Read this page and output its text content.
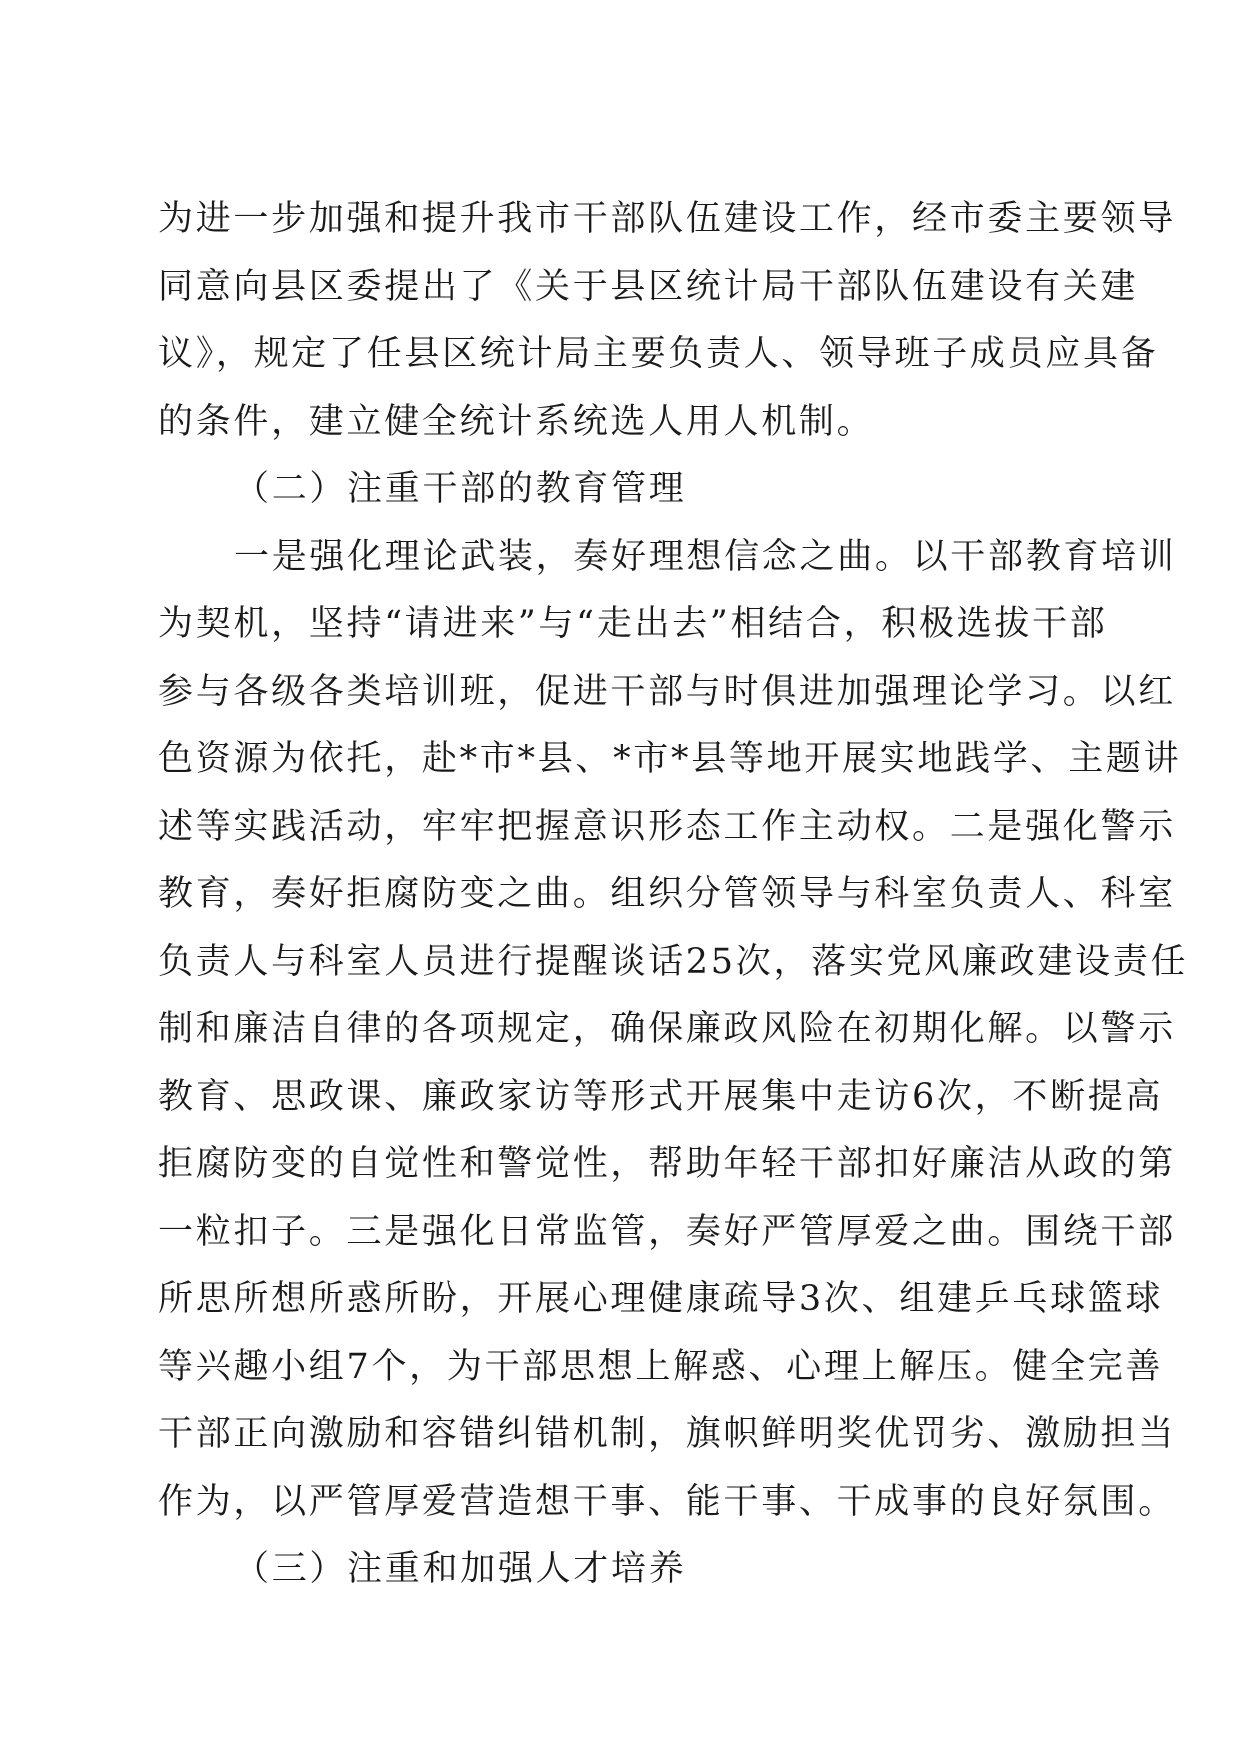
为进一步加强和提升我市干部队伍建设工作，经市委主要领导
同意向县区委提出了《关于县区统计局干部队伍建设有关建
议》，规定了任县区统计局主要负责人、领导班子成员应具备
的条件，建立健全统计系统选人用人机制。
（二）注重干部的教育管理
一是强化理论武装，奏好理想信念之曲。以干部教育培训
为契机，坚持“请进来”与“走出去”相结合，积极选拔干部
参与各级各类培训班，促进干部与时俱进加强理论学习。以红
色资源为依托，赴*市*县、*市*县等地开展实地践学、主题讲
述等实践活动，牢牢把握意识形态工作主动权。二是强化警示
教育，奏好拒腐防变之曲。组织分管领导与科室负责人、科室
负责人与科室人员进行提醒谈话25次，落实党风廉政建设责任
制和廉洁自律的各项规定，确保廉政风险在初期化解。以警示
教育、思政课、廉政家访等形式开展集中走访6次，不断提高
拒腐防变的自觉性和警觉性，帮助年轻干部扣好廉洁从政的第
一粒扣子。三是强化日常监管，奏好严管厚爱之曲。围绕干部
所思所想所惑所盼，开展心理健康疏导3次、组建乒乓球篮球
等兴趣小组7个，为干部思想上解惑、心理上解压。健全完善
干部正向激励和容错纠错机制，旗帜鲜明奖优罚劣、激励担当
作为，以严管厚爱营造想干事、能干事、干成事的良好氛围。
（三）注重和加强人才培养
